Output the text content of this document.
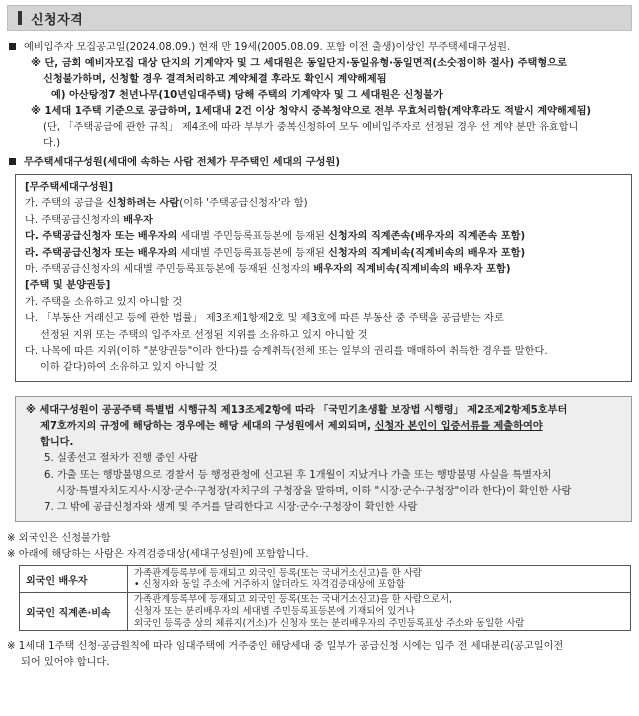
신청자격
예비입주자 모집공고일(2024.08.09.) 현재 만 19세(2005.08.09. 포함 이전 출생)이상인 무주택세대구성원.
※ 단, 금회 예비자모집 대상 단지의 기계약자 및 그 세대원은 동일단지·동일유형·동일면적(소숫점이하 절사) 주택형으로
신청불가하며, 신청할 경우 결격처리하고 계약체결 후라도 확인시 계약해제됨
예) 아산탕정7 천년나무(10년임대주택) 당해 주택의 기계약자 및 그 세대원은 신청불가
※ 1세대 1주택 기준으로 공급하며, 1세대내 2건 이상 청약시 중복청약으로 전부 무효처리함(계약후라도 적발시 계약해제됨)
(단, 「주택공급에 관한 규칙」 제4조에 따라 부부가 중복신청하여 모두 예비입주자로 선정된 경우 선 계약 분만 유효합니
다.)
무주택세대구성원(세대에 속하는 사람 전체가 무주택인 세대의 구성원)
[무주택세대구성원]
가. 주택의 공급을 신청하려는 사람(이하 '주택공급신청자'라 함)
나. 주택공급신청자의 배우자
다. 주택공급신청자 또는 배우자의 세대별 주민등록표등본에 등재된 신청자의 직계존속(배우자의 직계존속 포함)
라. 주택공급신청자 또는 배우자의 세대별 주민등록표등본에 등재된 신청자의 직계비속(직계비속의 배우자 포함)
마. 주택공급신청자의 세대별 주민등록표등본에 등재된 신청자의 배우자의 직계비속(직계비속의 배우자 포함)
[주택 및 분양권등]
가. 주택을 소유하고 있지 아니할 것
나. 「부동산 거래신고 등에 관한 법률」 제3조제1항제2호 및 제3호에 따른 부동산 중 주택을 공급받는 자로
선정된 지위 또는 주택의 입주자로 선정된 지위를 소유하고 있지 아니할 것
다. 나목에 따른 지위(이하 "분양권등"이라 한다)를 승계취득(전체 또는 일부의 권리를 매매하여 취득한 경우를 말한다.
이하 같다)하여 소유하고 있지 아니할 것
※ 세대구성원이 공공주택 특별법 시행규칙 제13조제2항에 따라 「국민기초생활 보장법 시행령」 제2조제2항제5호부터
제7호까지의 규정에 해당하는 경우에는 해당 세대의 구성원에서 제외되며, 신청자 본인이 입증서류를 제출하여야
합니다.
5. 실종선고 절차가 진행 중인 사람
6. 가출 또는 행방불명으로 경찰서 등 행정관청에 신고된 후 1개월이 지났거나 가출 또는 행방불명 사실을 특별자치
시장·특별자치도지사·시장·군수·구청장(자치구의 구청장을 말하며, 이하 "시장·군수·구청장"이라 한다)이 확인한 사람
7. 그 밖에 공급신청자와 생계 및 주거를 달리한다고 시장·군수·구청장이 확인한 사람
※ 외국인은 신청불가함
※ 아래에 해당하는 사람은 자격검증대상(세대구성원)에 포함합니다.
외국인 배우자	가족관계등록부에 등재되고 외국인 등록(또는 국내거소신고)을 한 사람
• 신청자와 동일 주소에 거주하지 않더라도 자격검증대상에 포함함

외국인 직계존·비속	가족관계등록부에 등재되고 외국인 등록(또는 국내거소신고)을 한 사람으로서,
신청자 또는 분리배우자의 세대별 주민등록표등본에 기재되어 있거나
외국인 등록증 상의 체류지(거소)가 신청자 또는 분리배우자의 주민등록표상 주소와 동일한 사람
※ 1세대 1주택 신청·공급원칙에 따라 임대주택에 거주중인 해당세대 중 일부가 공급신청 시에는 입주 전 세대분리(공고일이전
되어 있어야 합니다.
